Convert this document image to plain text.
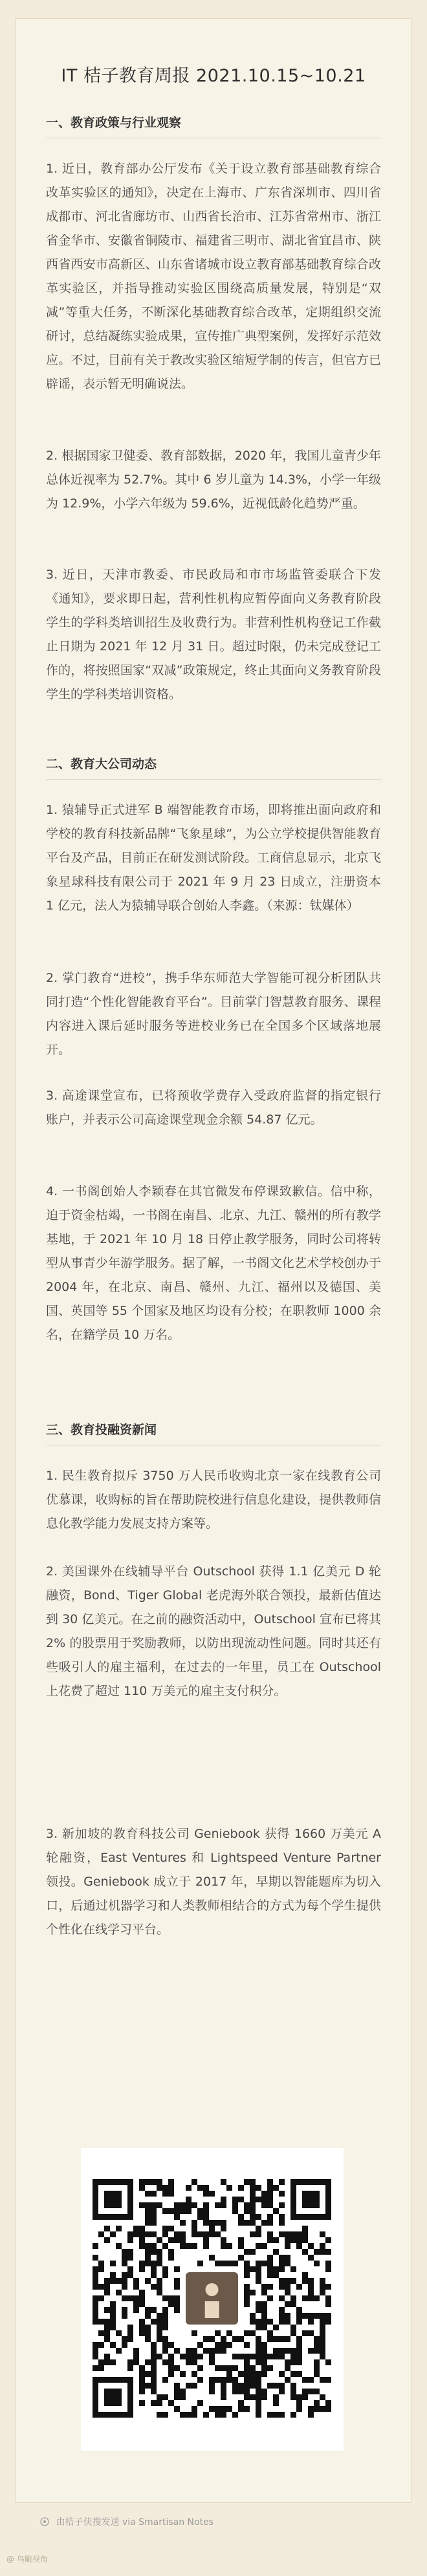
IT 桔子教育周报 2021.10.15~10.21
一、教育政策与行业观察
1. 近日，教育部办公厅发布《关于设立教育部基础教育综合改革实验区的通知》，决定在上海市、广东省深圳市、四川省成都市、河北省廊坊市、山西省长治市、江苏省常州市、浙江省金华市、安徽省铜陵市、福建省三明市、湖北省宜昌市、陕西省西安市高新区、山东省诸城市设立教育部基础教育综合改革实验区，并指导推动实验区围绕高质量发展，特别是“双减”等重大任务，不断深化基础教育综合改革，定期组织交流研讨，总结凝练实验成果，宣传推广典型案例，发挥好示范效应。不过，目前有关于教改实验区缩短学制的传言，但官方已辟谣，表示暂无明确说法。
2. 根据国家卫健委、教育部数据，2020 年，我国儿童青少年总体近视率为 52.7%。其中 6 岁儿童为 14.3%，小学一年级为 12.9%，小学六年级为 59.6%，近视低龄化趋势严重。
3. 近日，天津市教委、市民政局和市市场监管委联合下发《通知》，要求即日起，营利性机构应暂停面向义务教育阶段学生的学科类培训招生及收费行为。非营利性机构登记工作截止日期为 2021 年 12 月 31 日。超过时限，仍未完成登记工作的，将按照国家“双减”政策规定，终止其面向义务教育阶段学生的学科类培训资格。
二、教育大公司动态
1. 猿辅导正式进军 B 端智能教育市场，即将推出面向政府和学校的教育科技新品牌“飞象星球”，为公立学校提供智能教育平台及产品，目前正在研发测试阶段。工商信息显示，北京飞象星球科技有限公司于 2021 年 9 月 23 日成立，注册资本 1 亿元，法人为猿辅导联合创始人李鑫。（来源：钛媒体）
2. 掌门教育“进校”，携手华东师范大学智能可视分析团队共同打造“个性化智能教育平台”。目前掌门智慧教育服务、课程内容进入课后延时服务等进校业务已在全国多个区域落地展开。
3. 高途课堂宣布，已将预收学费存入受政府监督的指定银行账户，并表示公司高途课堂现金余额 54.87 亿元。
4. 一书阁创始人李颖春在其官微发布停课致歉信。信中称，迫于资金枯竭，一书阁在南昌、北京、九江、赣州的所有教学基地，于 2021 年 10 月 18 日停止教学服务，同时公司将转型从事青少年游学服务。据了解，一书阁文化艺术学校创办于 2004 年，在北京、南昌、赣州、九江、福州以及德国、美国、英国等 55 个国家及地区均设有分校；在职教师 1000 余名，在籍学员 10 万名。
三、教育投融资新闻
1. 民生教育拟斥 3750 万人民币收购北京一家在线教育公司优慕课，收购标的旨在帮助院校进行信息化建设，提供教师信息化教学能力发展支持方案等。
2. 美国课外在线辅导平台 Outschool 获得 1.1 亿美元 D 轮融资，Bond、Tiger Global 老虎海外联合领投，最新估值达到 30 亿美元。在之前的融资活动中，Outschool 宣布已将其 2% 的股票用于奖励教师，以防出现流动性问题。同时其还有些吸引人的雇主福利，在过去的一年里，员工在 Outschool 上花费了超过 110 万美元的雇主支付积分。
3. 新加坡的教育科技公司 Geniebook 获得 1660 万美元 A 轮融资，East Ventures 和 Lightspeed Venture Partner 领投。Geniebook 成立于 2017 年，早期以智能题库为切入口，后通过机器学习和人类教师相结合的方式为每个学生提供个性化在线学习平台。
由桔子侠搜发送 via Smartisan Notes
@ 鸟瞰视角
